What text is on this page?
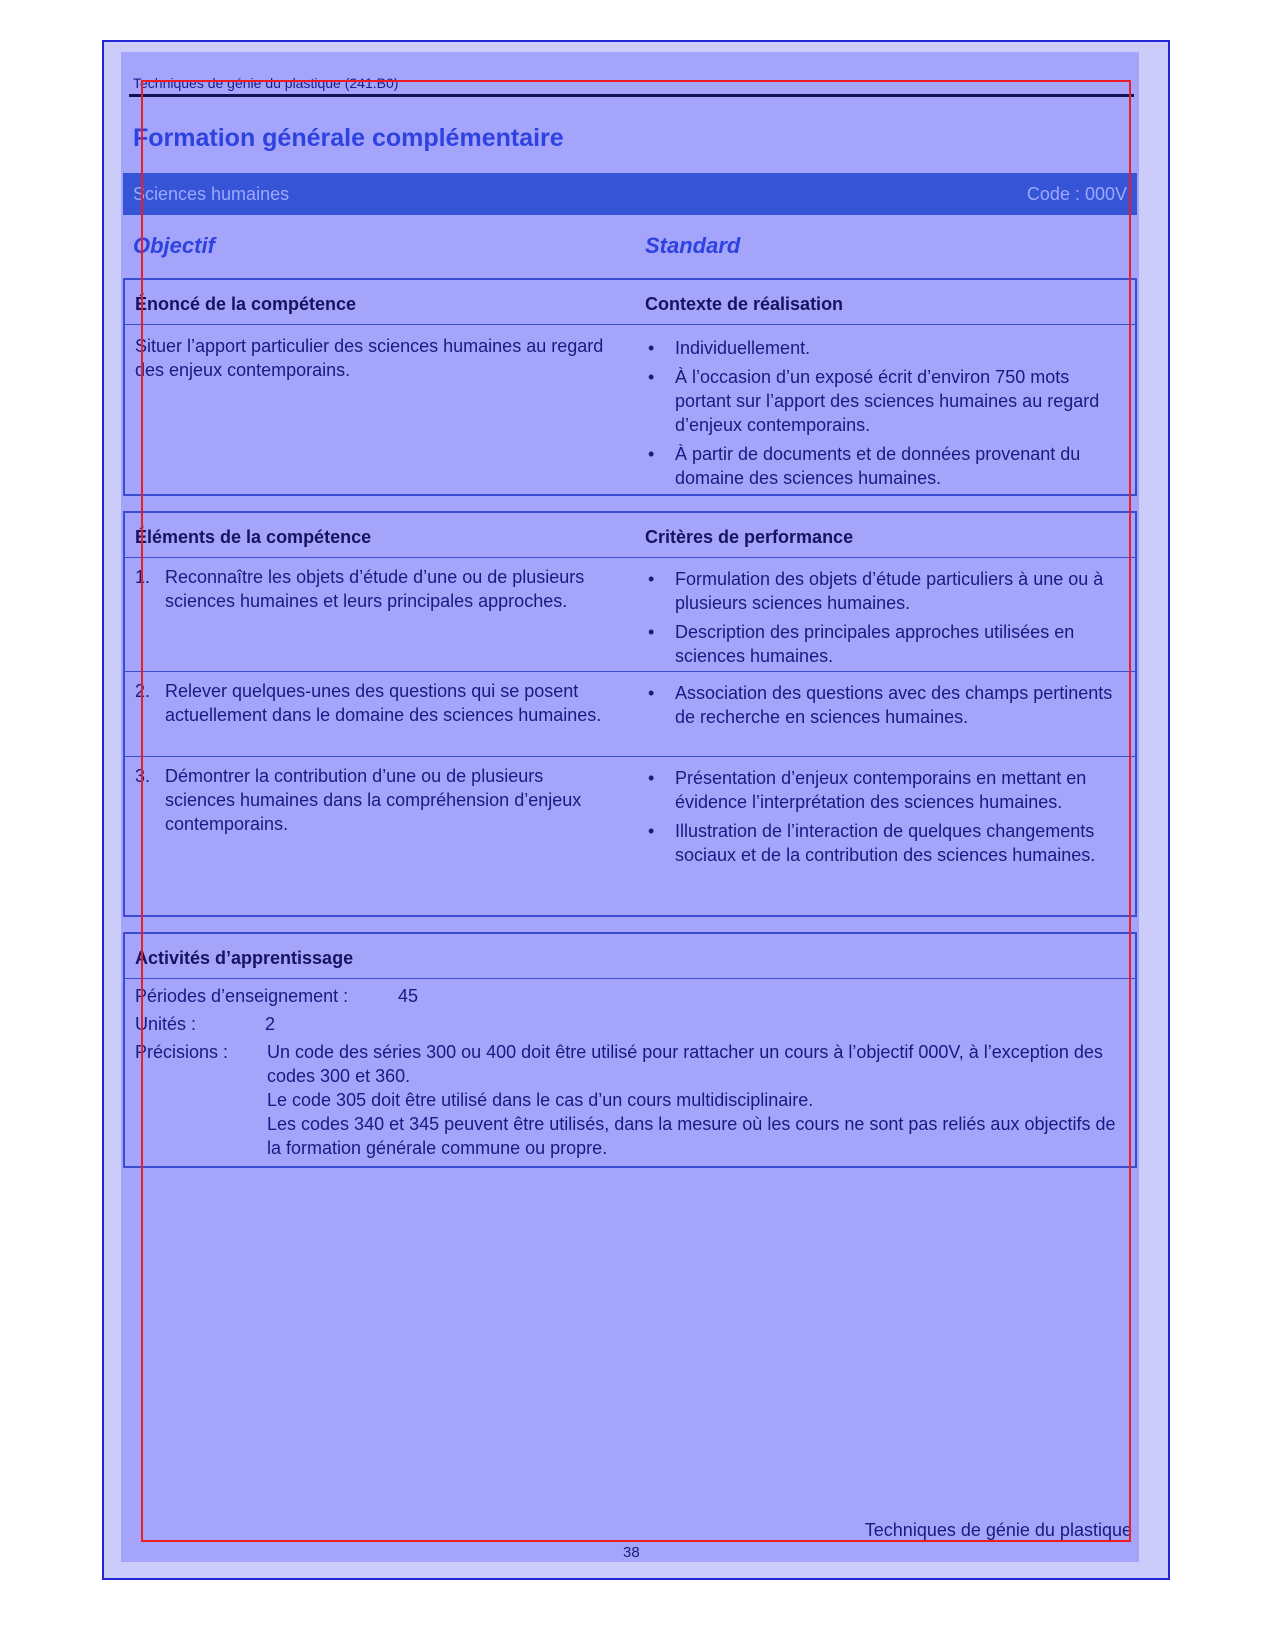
Techniques de génie du plastique (241.B0)
Formation générale complémentaire
Sciences humaines	Code : 000V
Objectif	Standard
Énoncé de la compétence	Contexte de réalisation
Situer l’apport particulier des sciences humaines au regard des enjeux contemporains.
• Individuellement.
• À l’occasion d’un exposé écrit d’environ 750 mots portant sur l’apport des sciences humaines au regard d’enjeux contemporains.
• À partir de documents et de données provenant du domaine des sciences humaines.
Éléments de la compétence	Critères de performance
1. Reconnaître les objets d’étude d’une ou de plusieurs sciences humaines et leurs principales approches.
• Formulation des objets d’étude particuliers à une ou à plusieurs sciences humaines.
• Description des principales approches utilisées en sciences humaines.
2. Relever quelques-unes des questions qui se posent actuellement dans le domaine des sciences humaines.
• Association des questions avec des champs pertinents de recherche en sciences humaines.
3. Démontrer la contribution d’une ou de plusieurs sciences humaines dans la compréhension d’enjeux contemporains.
• Présentation d’enjeux contemporains en mettant en évidence l’interprétation des sciences humaines.
• Illustration de l’interaction de quelques changements sociaux et de la contribution des sciences humaines.
Activités d’apprentissage
Périodes d’enseignement :	45
Unités :	2
Précisions : Un code des séries 300 ou 400 doit être utilisé pour rattacher un cours à l’objectif 000V, à l’exception des codes 300 et 360.
Le code 305 doit être utilisé dans le cas d’un cours multidisciplinaire.
Les codes 340 et 345 peuvent être utilisés, dans la mesure où les cours ne sont pas reliés aux objectifs de la formation générale commune ou propre.
Techniques de génie du plastique
38
